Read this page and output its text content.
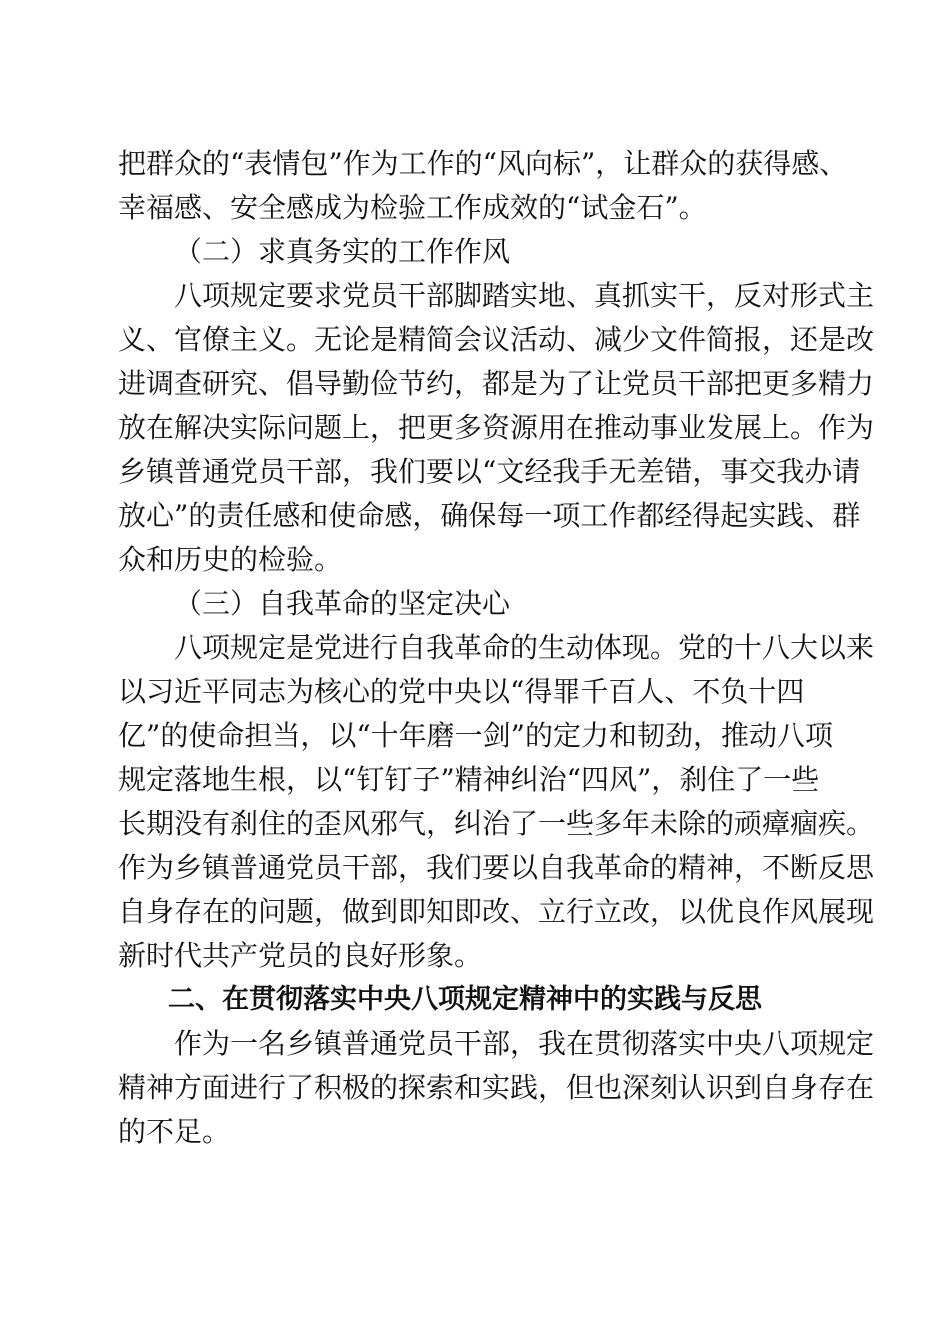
把群众的“表情包”作为工作的“风向标”，让群众的获得感、
幸福感、安全感成为检验工作成效的“试金石”。
（二）求真务实的工作作风
八项规定要求党员干部脚踏实地、真抓实干，反对形式主
义、官僚主义。无论是精简会议活动、减少文件简报，还是改
进调查研究、倡导勤俭节约，都是为了让党员干部把更多精力
放在解决实际问题上，把更多资源用在推动事业发展上。作为
乡镇普通党员干部，我们要以“文经我手无差错，事交我办请
放心”的责任感和使命感，确保每一项工作都经得起实践、群
众和历史的检验。
（三）自我革命的坚定决心
八项规定是党进行自我革命的生动体现。党的十八大以来
以习近平同志为核心的党中央以“得罪千百人、不负十四
亿”的使命担当，以“十年磨一剑”的定力和韧劲，推动八项
规定落地生根，以“钉钉子”精神纠治“四风”，刹住了一些
长期没有刹住的歪风邪气，纠治了一些多年未除的顽瘴痼疾。
作为乡镇普通党员干部，我们要以自我革命的精神，不断反思
自身存在的问题，做到即知即改、立行立改，以优良作风展现
新时代共产党员的良好形象。
二、在贯彻落实中央八项规定精神中的实践与反思
作为一名乡镇普通党员干部，我在贯彻落实中央八项规定
精神方面进行了积极的探索和实践，但也深刻认识到自身存在
的不足。
